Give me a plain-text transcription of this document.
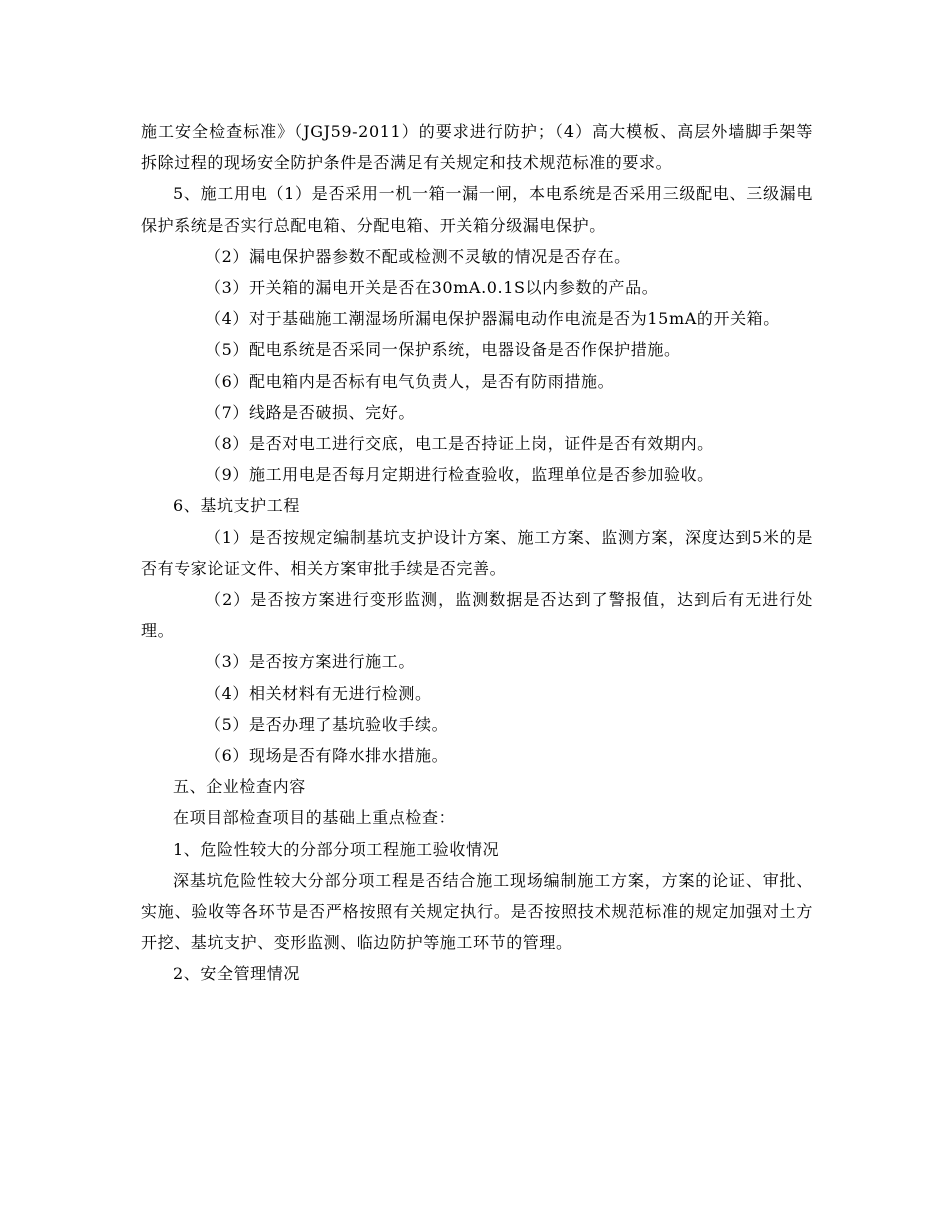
施工安全检查标准》（JGJ59-2011）的要求进行防护；（4）高大模板、高层外墙脚手架等拆除过程的现场安全防护条件是否满足有关规定和技术规范标准的要求。

5、施工用电（1）是否采用一机一箱一漏一闸，本电系统是否采用三级配电、三级漏电保护系统是否实行总配电箱、分配电箱、开关箱分级漏电保护。

（2）漏电保护器参数不配或检测不灵敏的情况是否存在。

（3）开关箱的漏电开关是否在30mA.0.1S以内参数的产品。

（4）对于基础施工潮湿场所漏电保护器漏电动作电流是否为15mA的开关箱。

（5）配电系统是否采同一保护系统，电器设备是否作保护措施。

（6）配电箱内是否标有电气负责人，是否有防雨措施。

（7）线路是否破损、完好。

（8）是否对电工进行交底，电工是否持证上岗，证件是否有效期内。

（9）施工用电是否每月定期进行检查验收，监理单位是否参加验收。

6、基坑支护工程

（1）是否按规定编制基坑支护设计方案、施工方案、监测方案，深度达到5米的是否有专家论证文件、相关方案审批手续是否完善。

（2）是否按方案进行变形监测，监测数据是否达到了警报值，达到后有无进行处理。

（3）是否按方案进行施工。

（4）相关材料有无进行检测。

（5）是否办理了基坑验收手续。

（6）现场是否有降水排水措施。

五、企业检查内容

在项目部检查项目的基础上重点检查：

1、危险性较大的分部分项工程施工验收情况

深基坑危险性较大分部分项工程是否结合施工现场编制施工方案，方案的论证、审批、实施、验收等各环节是否严格按照有关规定执行。是否按照技术规范标准的规定加强对土方开挖、基坑支护、变形监测、临边防护等施工环节的管理。

2、安全管理情况
